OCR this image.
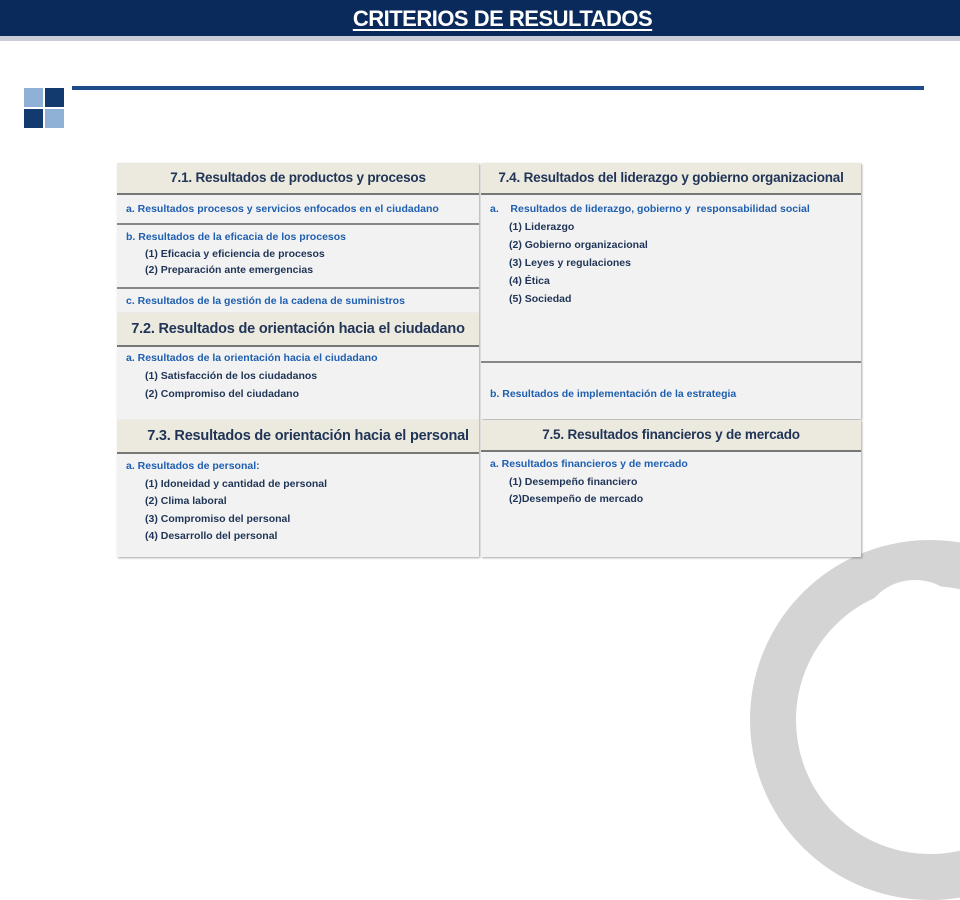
CRITERIOS DE RESULTADOS
7.1. Resultados de productos y procesos
a. Resultados procesos y servicios enfocados en el ciudadano
b. Resultados de la eficacia de los procesos
(1) Eficacia y eficiencia de procesos
(2) Preparación ante emergencias
c. Resultados de la gestión de la cadena de suministros
7.2. Resultados de orientación hacia el ciudadano
a. Resultados de la orientación hacia el ciudadano
(1) Satisfacción de los ciudadanos
(2) Compromiso del ciudadano
7.3. Resultados de orientación hacia el personal
a. Resultados de personal:
(1) Idoneidad y cantidad de personal
(2) Clima laboral
(3) Compromiso del personal
(4) Desarrollo del personal
7.4. Resultados del liderazgo y gobierno organizacional
a.    Resultados de liderazgo, gobierno y  responsabilidad social
(1) Liderazgo
(2) Gobierno organizacional
(3) Leyes y regulaciones
(4) Ética
(5) Sociedad
b. Resultados de implementación de la estrategia
7.5. Resultados financieros y de mercado
a. Resultados financieros y de mercado
(1) Desempeño financiero
(2)Desempeño de mercado
